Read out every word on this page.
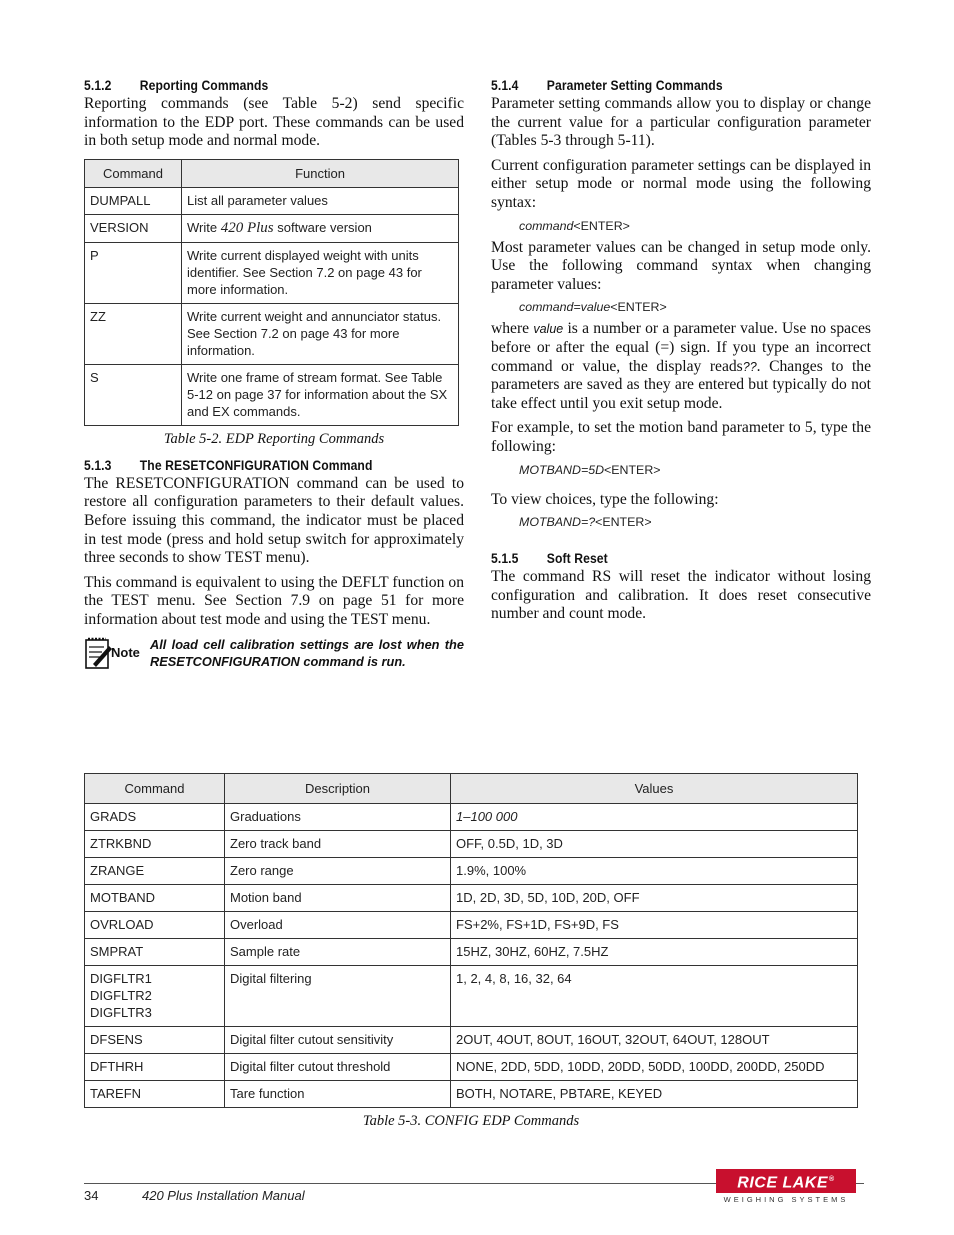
5.1.2 Reporting Commands

Reporting commands (see Table 5-2) send specific information to the EDP port. These commands can be used in both setup mode and normal mode.

Command	Function
DUMPALL	List all parameter values
VERSION	Write 420 Plus software version
P	Write current displayed weight with units identifier. See Section 7.2 on page 43 for more information.
ZZ	Write current weight and annunciator status. See Section 7.2 on page 43 for more information.
S	Write one frame of stream format. See Table 5-12 on page 37 for information about the SX and EX commands.
Table 5-2. EDP Reporting Commands
5.1.3 The RESETCONFIGURATION Command

The RESETCONFIGURATION command can be used to restore all configuration parameters to their default values. Before issuing this command, the indicator must be placed in test mode (press and hold setup switch for approximately three seconds to show TEST menu).

This command is equivalent to using the DEFLT function on the TEST menu. See Section 7.9 on page 51 for more information about test mode and using the TEST menu.

Note
All load cell calibration settings are lost when the RESETCONFIGURATION command is run.
5.1.4 Parameter Setting Commands

Parameter setting commands allow you to display or change the current value for a particular configuration parameter (Tables 5-3 through 5-11).

Current configuration parameter settings can be displayed in either setup mode or normal mode using the following syntax:

command<ENTER>

Most parameter values can be changed in setup mode only. Use the following command syntax when changing parameter values:

command=value<ENTER>

where value is a number or a parameter value. Use no spaces before or after the equal (=) sign. If you type an incorrect command or value, the display reads??. Changes to the parameters are saved as they are entered but typically do not take effect until you exit setup mode.

For example, to set the motion band parameter to 5, type the following:

MOTBAND=5D<ENTER>

To view choices, type the following:

MOTBAND=?<ENTER>
5.1.5 Soft Reset

The command RS will reset the indicator without losing configuration and calibration. It does reset consecutive number and count mode.

Command	Description	Values
GRADS	Graduations	1–100 000
ZTRKBND	Zero track band	OFF, 0.5D, 1D, 3D
ZRANGE	Zero range	1.9%, 100%
MOTBAND	Motion band	1D, 2D, 3D, 5D, 10D, 20D, OFF
OVRLOAD	Overload	FS+2%, FS+1D, FS+9D, FS
SMPRAT	Sample rate	15HZ, 30HZ, 60HZ, 7.5HZ

DIGFLTR1
DIGFLTR2
DIGFLTR3	Digital filtering	1, 2, 4, 8, 16, 32, 64
DFSENS	Digital filter cutout sensitivity	2OUT, 4OUT, 8OUT, 16OUT, 32OUT, 64OUT, 128OUT
DFTHRH	Digital filter cutout threshold	NONE, 2DD, 5DD, 10DD, 20DD, 50DD, 100DD, 200DD, 250DD
TAREFN	Tare function	BOTH, NOTARE, PBTARE, KEYED
Table 5-3. CONFIG EDP Commands
34	420 Plus Installation Manual
RICE LAKE®
WEIGHING SYSTEMS
